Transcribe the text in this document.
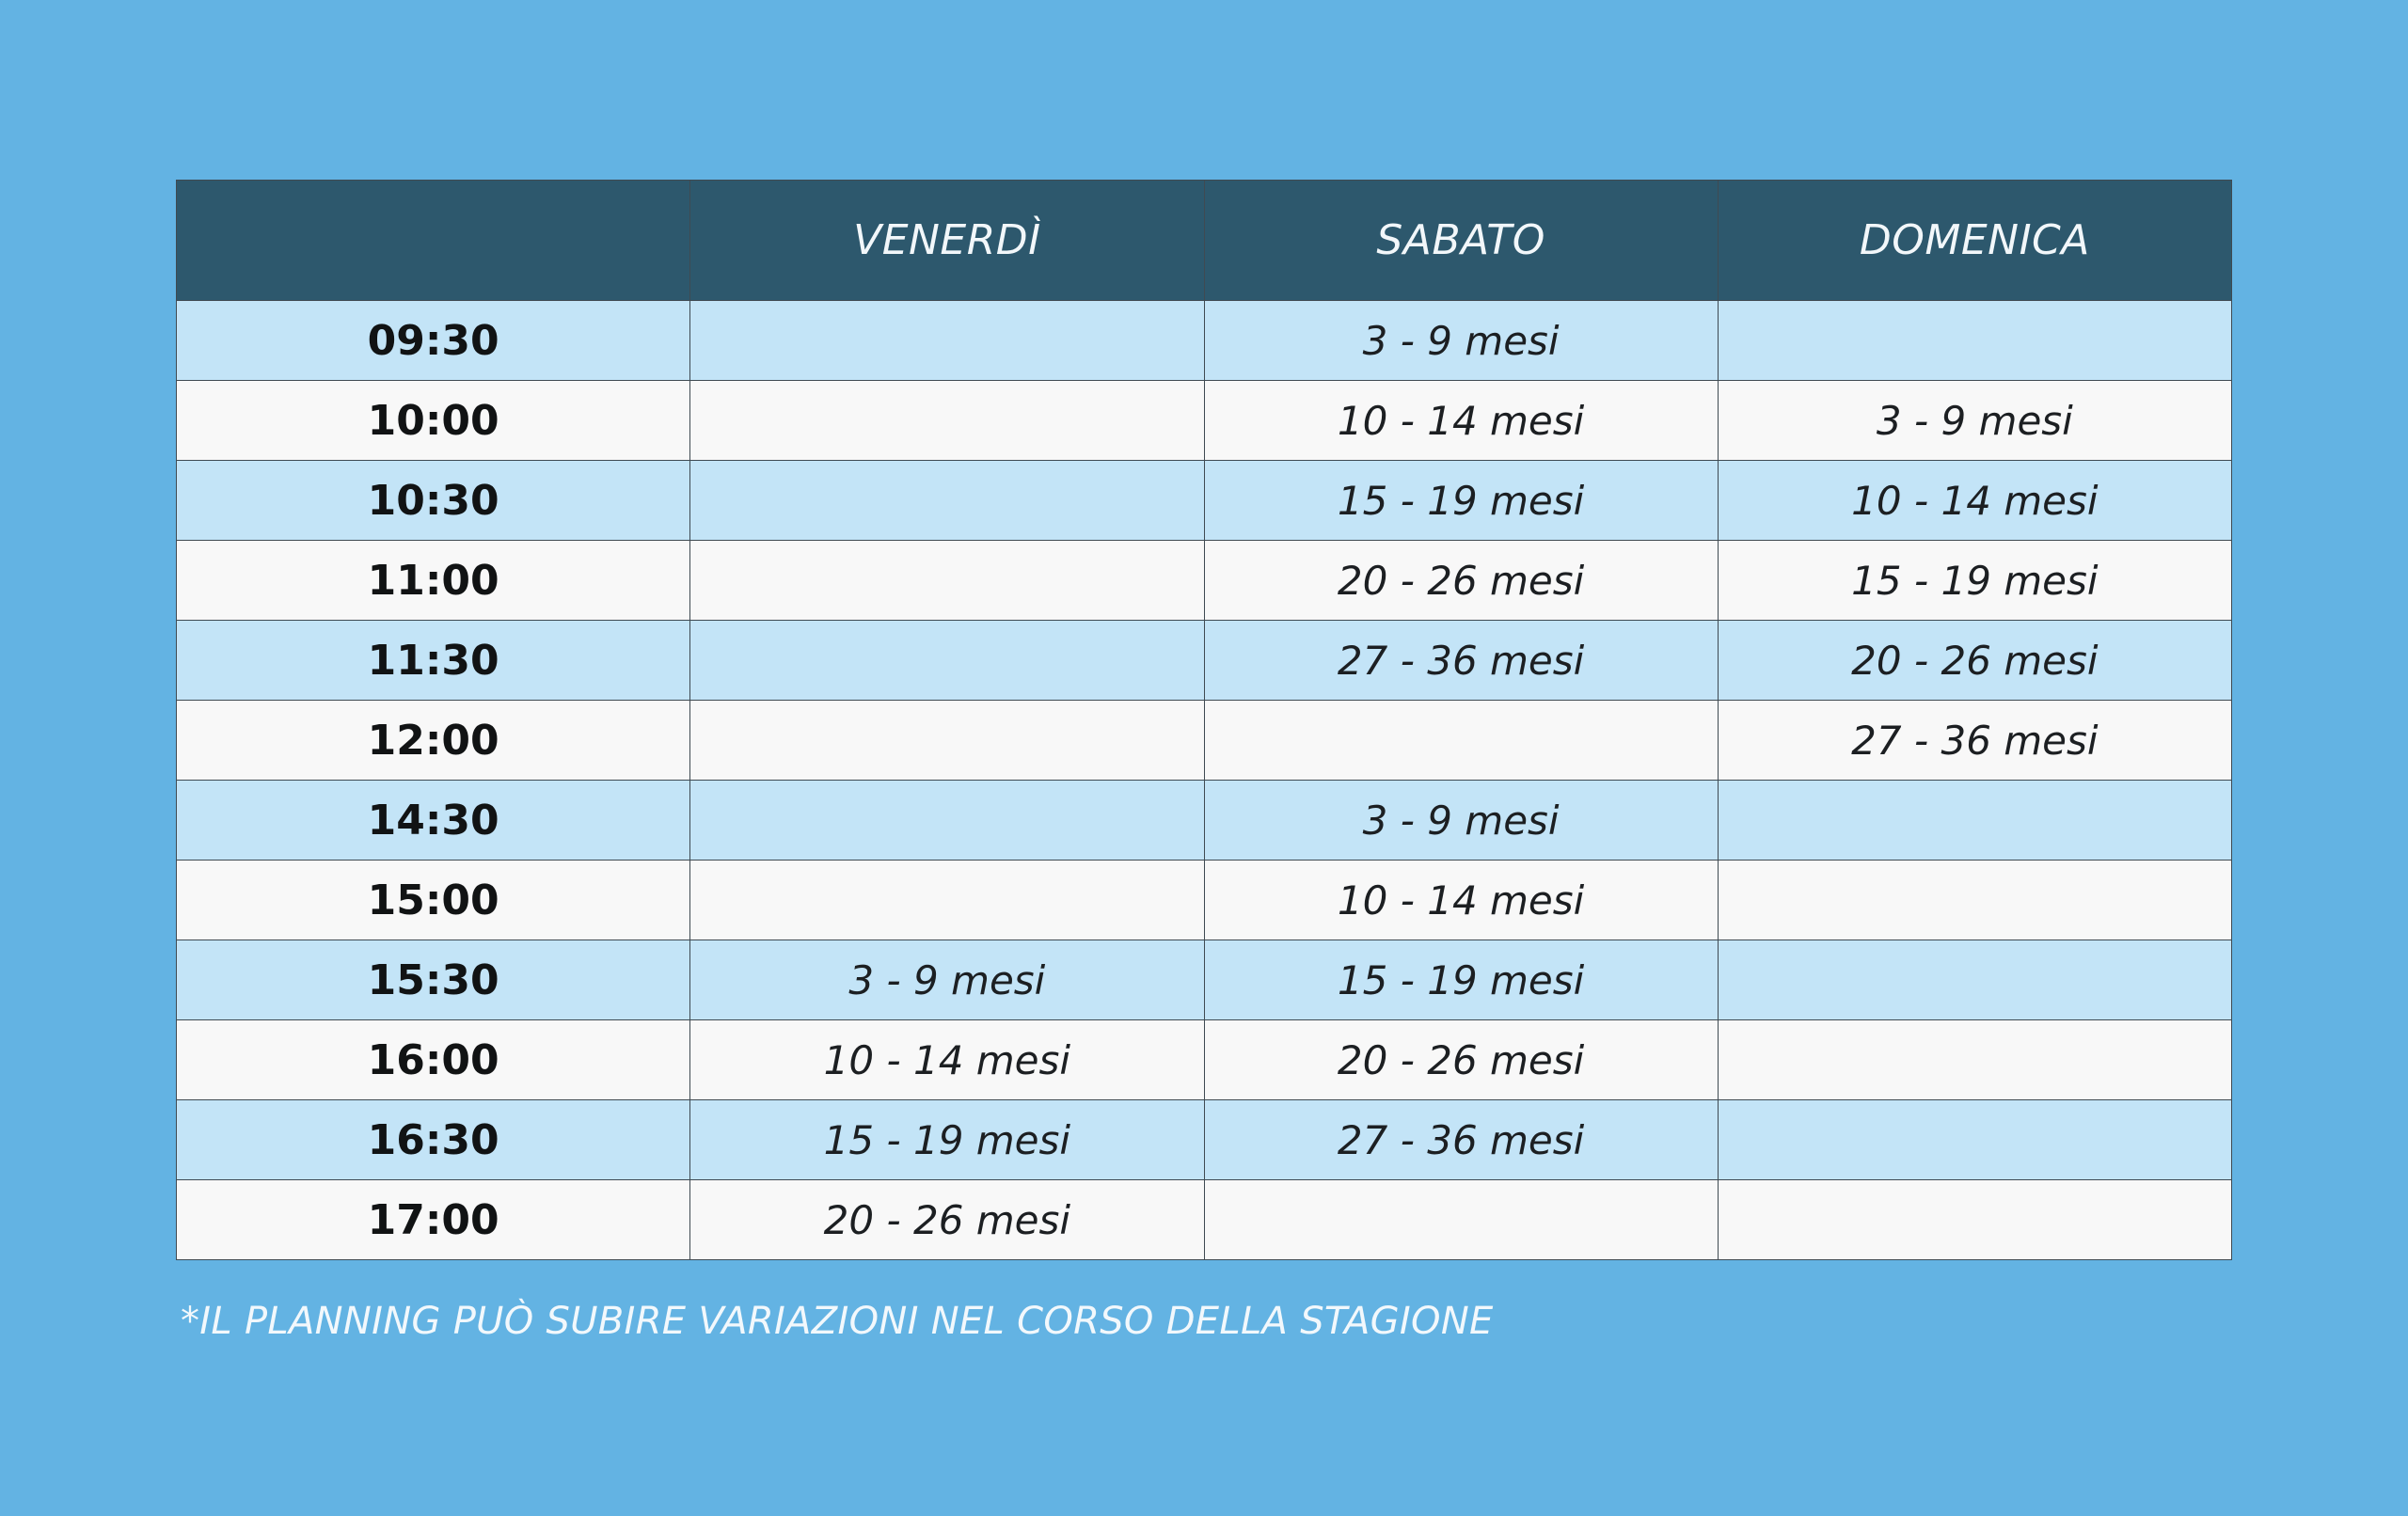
	VENERDÌ	SABATO	DOMENICA
09:30		3 - 9 mesi	
10:00		10 - 14 mesi	3 - 9 mesi
10:30		15 - 19 mesi	10 - 14 mesi
11:00		20 - 26 mesi	15 - 19 mesi
11:30		27 - 36 mesi	20 - 26 mesi
12:00			27 - 36 mesi
14:30		3 - 9 mesi	
15:00		10 - 14 mesi	
15:30	3 - 9 mesi	15 - 19 mesi	
16:00	10 - 14 mesi	20 - 26 mesi	
16:30	15 - 19 mesi	27 - 36 mesi	
17:00	20 - 26 mesi		
*IL PLANNING PUÒ SUBIRE VARIAZIONI NEL CORSO DELLA STAGIONE
